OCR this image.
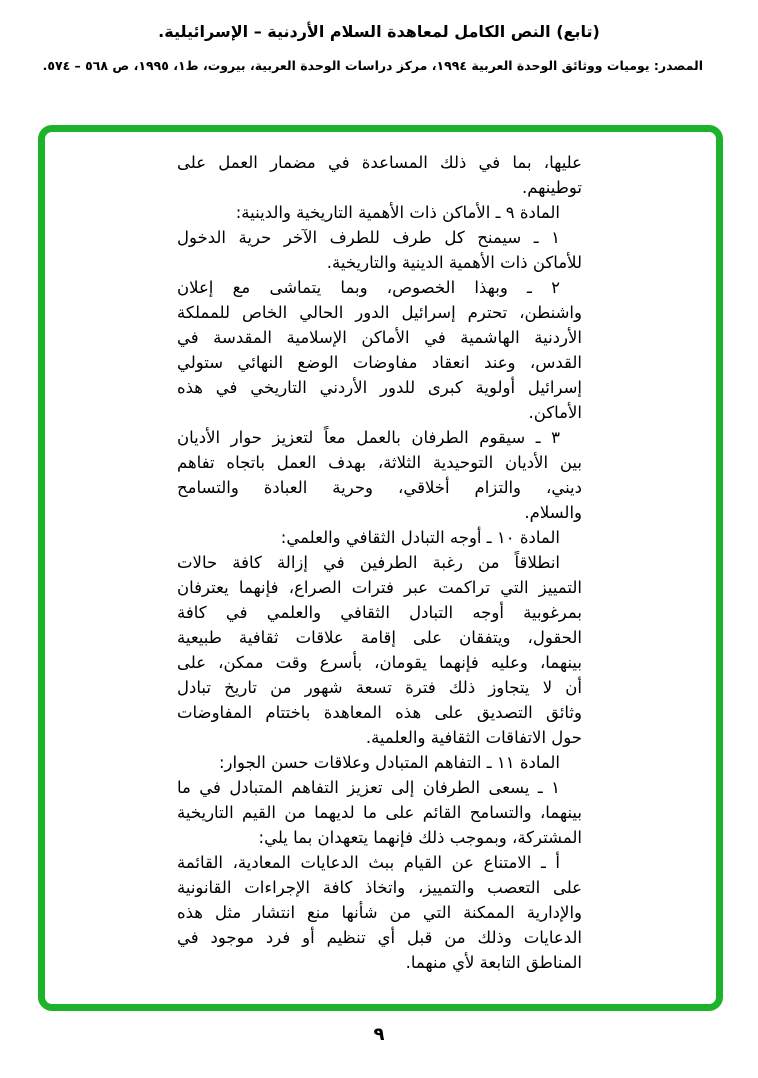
(تابع) النص الكامل لمعاهدة السلام الأردنية – الإسرائيلية.
المصدر: يوميات ووثائق الوحدة العربية ١٩٩٤، مركز دراسات الوحدة العربية، بيروت، ط١، ١٩٩٥، ص ٥٦٨ – ٥٧٤.
عليها، بما في ذلك المساعدة في مضمار العمل على
توطينهم.
المادة ٩ ـ الأماكن ذات الأهمية التاريخية والدينية:
١ ـ سيمنح كل طرف للطرف الآخر حرية الدخول
للأماكن ذات الأهمية الدينية والتاريخية.
٢ ـ وبهذا الخصوص، وبما يتماشى مع إعلان
واشنطن، تحترم إسرائيل الدور الحالي الخاص للمملكة
الأردنية الهاشمية في الأماكن الإسلامية المقدسة في
القدس، وعند انعقاد مفاوضات الوضع النهائي ستولي
إسرائيل أولوية كبرى للدور الأردني التاريخي في هذه
الأماكن.
٣ ـ سيقوم الطرفان بالعمل معاً لتعزيز حوار الأديان
بين الأديان التوحيدية الثلاثة، بهدف العمل باتجاه تفاهم
ديني، والتزام أخلاقي، وحرية العبادة والتسامح
والسلام.
المادة ١٠ ـ أوجه التبادل الثقافي والعلمي:
انطلاقاً من رغبة الطرفين في إزالة كافة حالات
التمييز التي تراكمت عبر فترات الصراع، فإنهما يعترفان
بمرغوبية أوجه التبادل الثقافي والعلمي في كافة
الحقول، ويتفقان على إقامة علاقات ثقافية طبيعية
بينهما، وعليه فإنهما يقومان، بأسرع وقت ممكن، على
أن لا يتجاوز ذلك فترة تسعة شهور من تاريخ تبادل
وثائق التصديق على هذه المعاهدة باختتام المفاوضات
حول الاتفاقات الثقافية والعلمية.
المادة ١١ ـ التفاهم المتبادل وعلاقات حسن الجوار:
١ ـ يسعى الطرفان إلى تعزيز التفاهم المتبادل في ما
بينهما، والتسامح القائم على ما لديهما من القيم التاريخية
المشتركة، وبموجب ذلك فإنهما يتعهدان بما يلي:
أ ـ الامتناع عن القيام ببث الدعايات المعادية، القائمة
على التعصب والتمييز، واتخاذ كافة الإجراءات القانونية
والإدارية الممكنة التي من شأنها منع انتشار مثل هذه
الدعايات وذلك من قبل أي تنظيم أو فرد موجود في
المناطق التابعة لأي منهما.
٩
